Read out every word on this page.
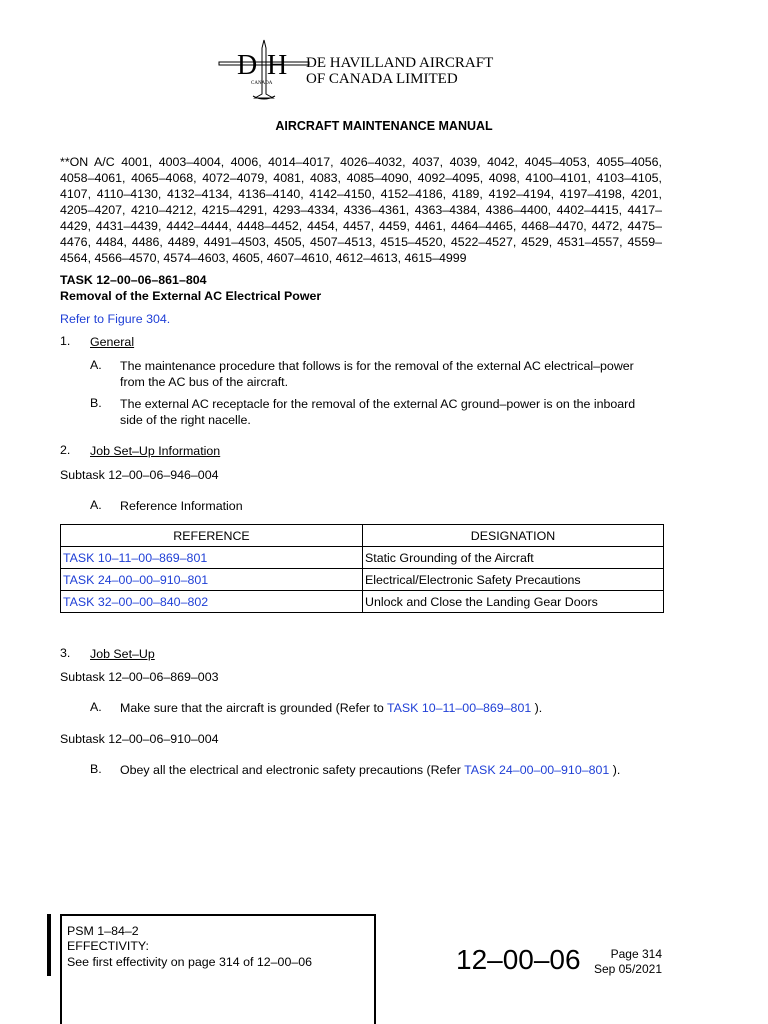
D H
CANADA
DE HAVILLAND AIRCRAFT
OF CANADA LIMITED
AIRCRAFT MAINTENANCE MANUAL
**ON A/C 4001, 4003–4004, 4006, 4014–4017, 4026–4032, 4037, 4039, 4042, 4045–4053, 4055–4056, 4058–4061, 4065–4068, 4072–4079, 4081, 4083, 4085–4090, 4092–4095, 4098, 4100–4101, 4103–4105, 4107, 4110–4130, 4132–4134, 4136–4140, 4142–4150, 4152–4186, 4189, 4192–4194, 4197–4198, 4201, 4205–4207, 4210–4212, 4215–4291, 4293–4334, 4336–4361, 4363–4384, 4386–4400, 4402–4415, 4417–4429, 4431–4439, 4442–4444, 4448–4452, 4454, 4457, 4459, 4461, 4464–4465, 4468–4470, 4472, 4475–4476, 4484, 4486, 4489, 4491–4503, 4505, 4507–4513, 4515–4520, 4522–4527, 4529, 4531–4557, 4559–4564, 4566–4570, 4574–4603, 4605, 4607–4610, 4612–4613, 4615–4999
TASK 12–00–06–861–804
Removal of the External AC Electrical Power
Refer to Figure 304.
1. General
A. The maintenance procedure that follows is for the removal of the external AC electrical–power from the AC bus of the aircraft.
B. The external AC receptacle for the removal of the external AC ground–power is on the inboard side of the right nacelle.
2. Job Set–Up Information
Subtask 12–00–06–946–004
A. Reference Information
REFERENCE	DESIGNATION
TASK 10–11–00–869–801	Static Grounding of the Aircraft
TASK 24–00–00–910–801	Electrical/Electronic Safety Precautions
TASK 32–00–00–840–802	Unlock and Close the Landing Gear Doors
3. Job Set–Up
Subtask 12–00–06–869–003
A. Make sure that the aircraft is grounded (Refer to TASK 10–11–00–869–801 ).
Subtask 12–00–06–910–004
B. Obey all the electrical and electronic safety precautions (Refer TASK 24–00–00–910–801 ).
PSM 1–84–2
EFFECTIVITY:
See first effectivity on page 314 of 12–00–06	12–00–06	Page 314
Sep 05/2021
